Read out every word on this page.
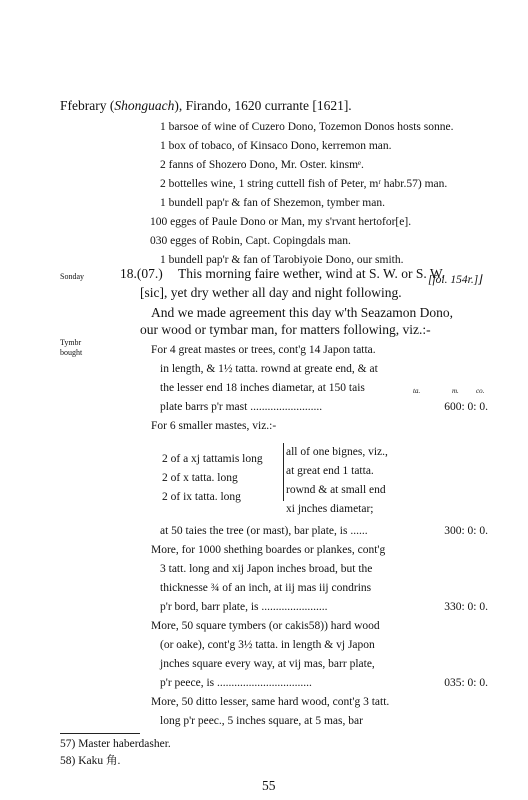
Ffebrary (Shonguach), Firando, 1620 currante [1621].
1 barsoe of wine of Cuzero Dono, Tozemon Donos hosts sonne.
1 box of tobaco, of Kinsaco Dono, kerremon man.
2 fanns of Shozero Dono, Mr. Oster. kinsmᵉ.
2 bottelles wine, 1 string cuttell fish of Peter, mʳ habr.57) man.
1 bundell pap'r & fan of Shezemon, tymber man.
100 egges of Paule Dono or Man, my s'rvant hertofor[e].
030 egges of Robin, Capt. Copingdals man.
1 bundell pap'r & fan of Tarobiyoie Dono, our smith.
[fol. 154r.]⌋
Sonday
Tymbr
bought
18.(07.) This morning faire wether, wind at S. W. or S. W.
[sic], yet dry wether all day and night following.
And we made agreement this day w'th Seazamon Dono,
our wood or tymbar man, for matters following, viz.:-
For 4 great mastes or trees, cont'g 14 Japon tatta.
in length, & 1½ tatta. rownd at greate end, & at
the lesser end 18 inches diametar, at 150 tais	ta.	m. co.
plate barrs p'r mast .........................	600: 0: 0.
For 6 smaller mastes, viz.:-
2 of a xj tattamis long
2 of x tatta. long
2 of ix tatta. long
all of one bignes, viz.,
at great end 1 tatta.
rownd & at small end
xi jnches diametar;
at 50 taies the tree (or mast), bar plate, is ......	300: 0: 0.
More, for 1000 shething boardes or plankes, cont'g
3 tatt. long and xij Japon inches broad, but the
thicknesse ¾ of an inch, at iij mas iij condrins
p'r bord, barr plate, is .......................	330: 0: 0.
More, 50 square tymbers (or cakis58)) hard wood
(or oake), cont'g 3½ tatta. in length & vj Japon
jnches square every way, at vij mas, barr plate,
p'r peece, is .................................	035: 0: 0.
More, 50 ditto lesser, same hard wood, cont'g 3 tatt.
long p'r peec., 5 inches square, at 5 mas, bar
57) Master haberdasher.
58) Kaku 角.
55
